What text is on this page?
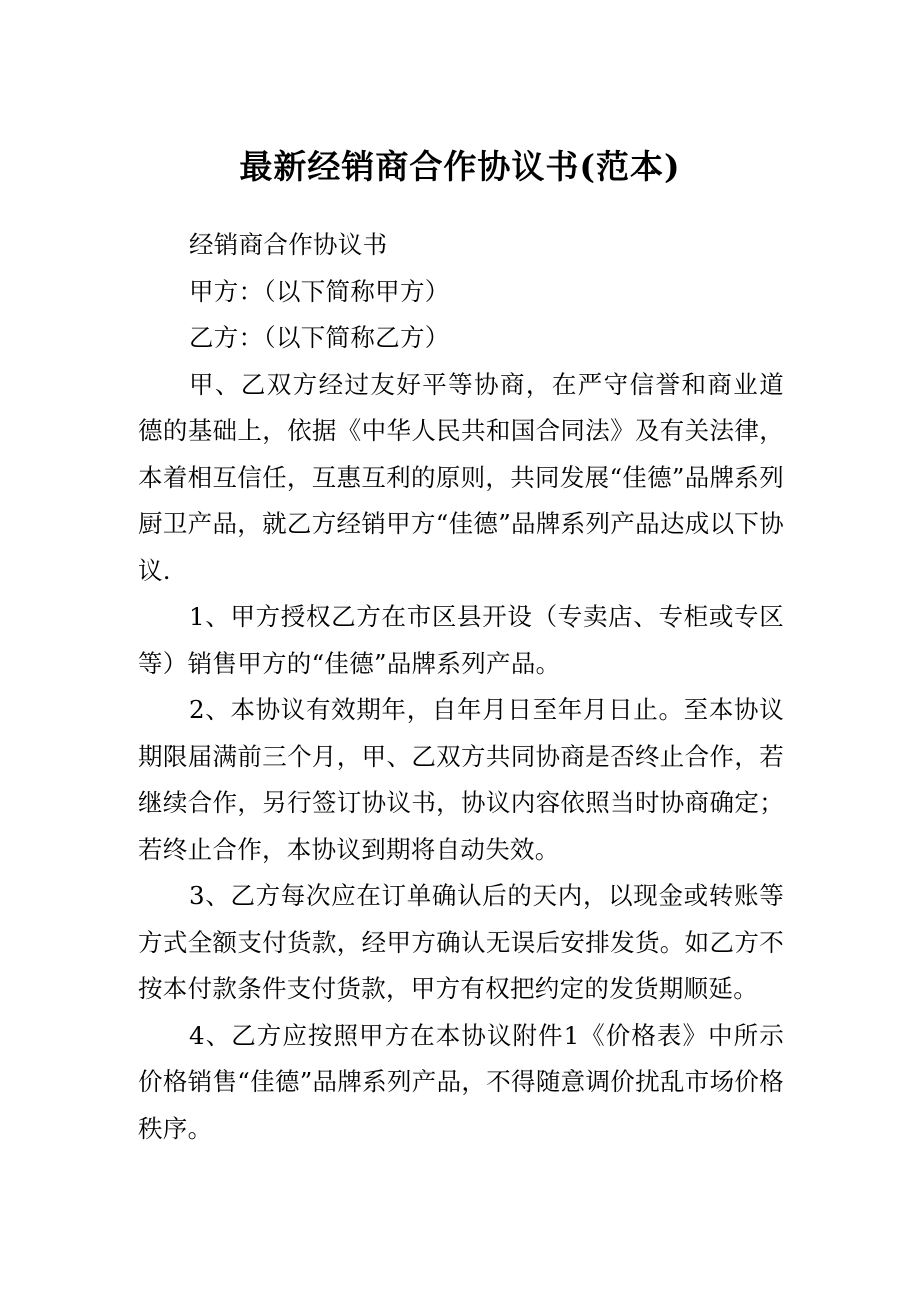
最新经销商合作协议书(范本)

经销商合作协议书

甲方：（以下简称甲方）

乙方：（以下简称乙方）

甲、乙双方经过友好平等协商，在严守信誉和商业道德的基础上，依据《中华人民共和国合同法》及有关法律，本着相互信任，互惠互利的原则，共同发展“佳德”品牌系列厨卫产品，就乙方经销甲方“佳德”品牌系列产品达成以下协议.

1、甲方授权乙方在市区县开设（专卖店、专柜或专区等）销售甲方的“佳德”品牌系列产品。

2、本协议有效期年，自年月日至年月日止。至本协议期限届满前三个月，甲、乙双方共同协商是否终止合作，若继续合作，另行签订协议书，协议内容依照当时协商确定；若终止合作，本协议到期将自动失效。

3、乙方每次应在订单确认后的天内，以现金或转账等方式全额支付货款，经甲方确认无误后安排发货。如乙方不按本付款条件支付货款，甲方有权把约定的发货期顺延。

4、乙方应按照甲方在本协议附件1《价格表》中所示价格销售“佳德”品牌系列产品，不得随意调价扰乱市场价格秩序。
